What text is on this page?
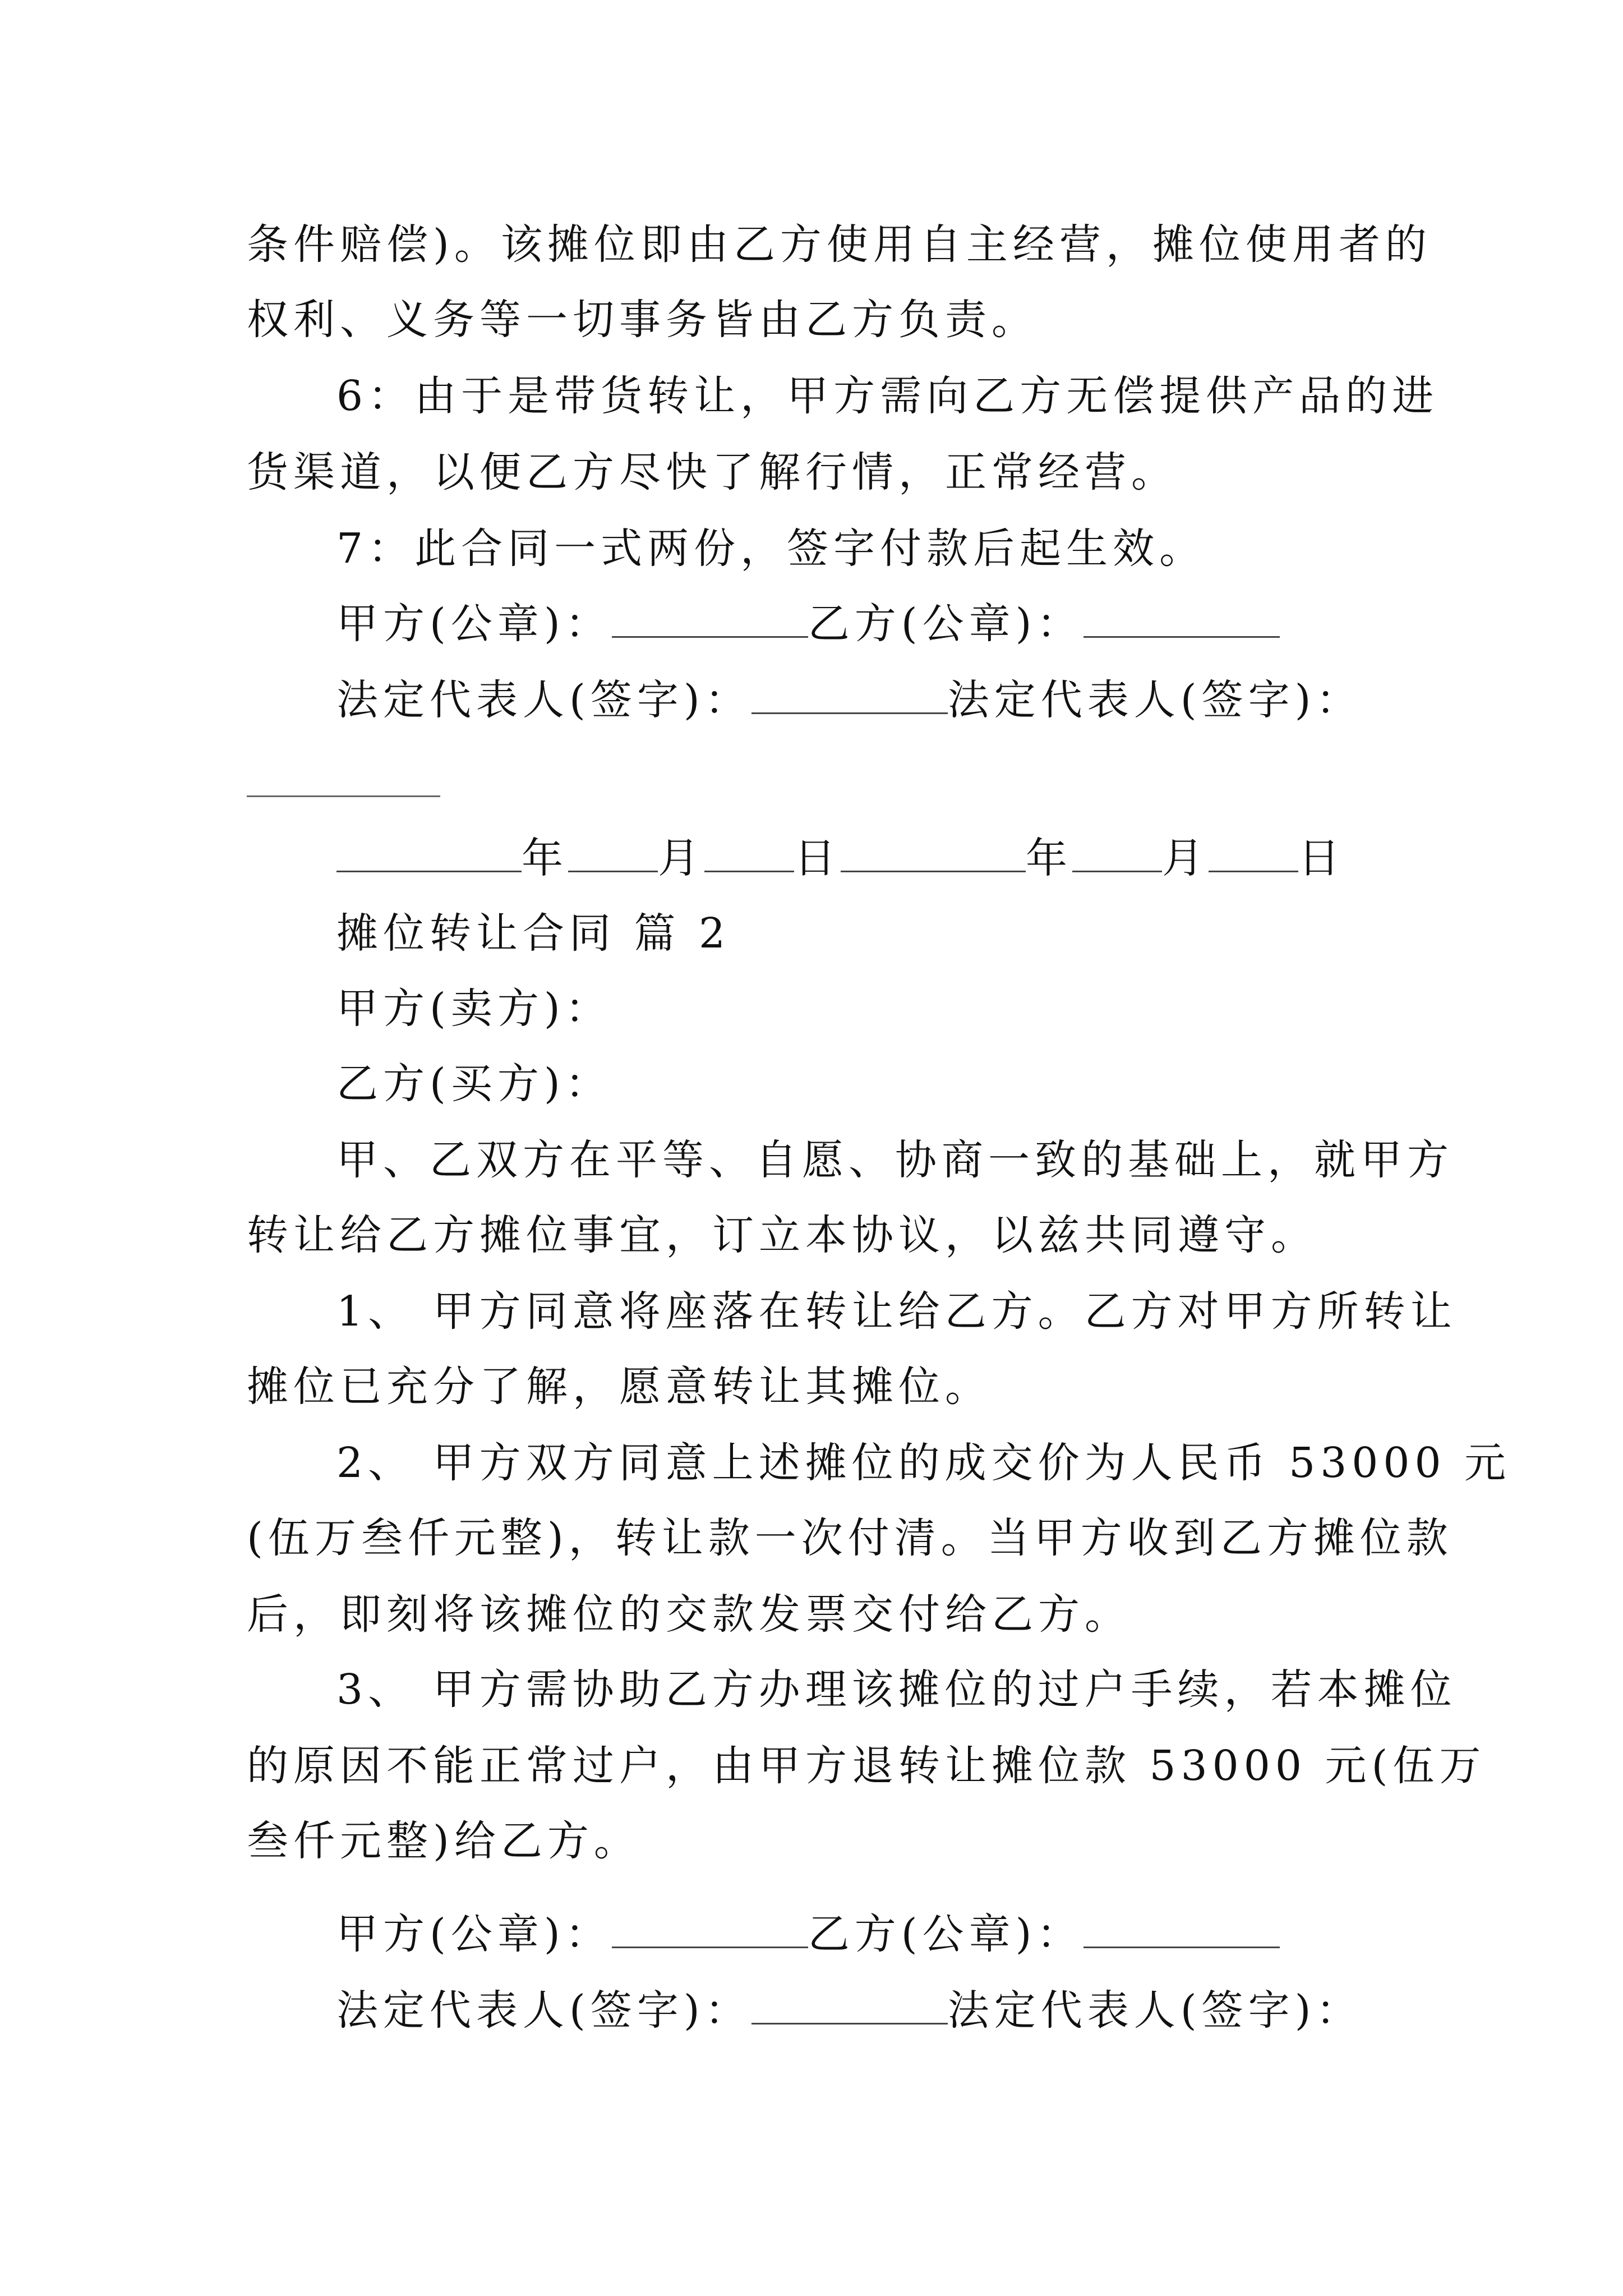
条件赔偿)。该摊位即由乙方使用自主经营，摊位使用者的
权利、义务等一切事务皆由乙方负责。
6：由于是带货转让，甲方需向乙方无偿提供产品的进
货渠道，以便乙方尽快了解行情，正常经营。
7：此合同一式两份，签字付款后起生效。
甲方(公章)：	乙方(公章)：
法定代表人(签字)：	法定代表人(签字)：
年 月 日	年 月 日
摊位转让合同 篇 2
甲方(卖方)：
乙方(买方)：
甲、乙双方在平等、自愿、协商一致的基础上，就甲方
转让给乙方摊位事宜，订立本协议，以兹共同遵守。
1、 甲方同意将座落在转让给乙方。乙方对甲方所转让
摊位已充分了解，愿意转让其摊位。
2、 甲方双方同意上述摊位的成交价为人民币 53000 元
(伍万叁仟元整)，转让款一次付清。当甲方收到乙方摊位款
后，即刻将该摊位的交款发票交付给乙方。
3、 甲方需协助乙方办理该摊位的过户手续，若本摊位
的原因不能正常过户，由甲方退转让摊位款 53000 元(伍万
叁仟元整)给乙方。
甲方(公章)：	乙方(公章)：
法定代表人(签字)：	法定代表人(签字)：
